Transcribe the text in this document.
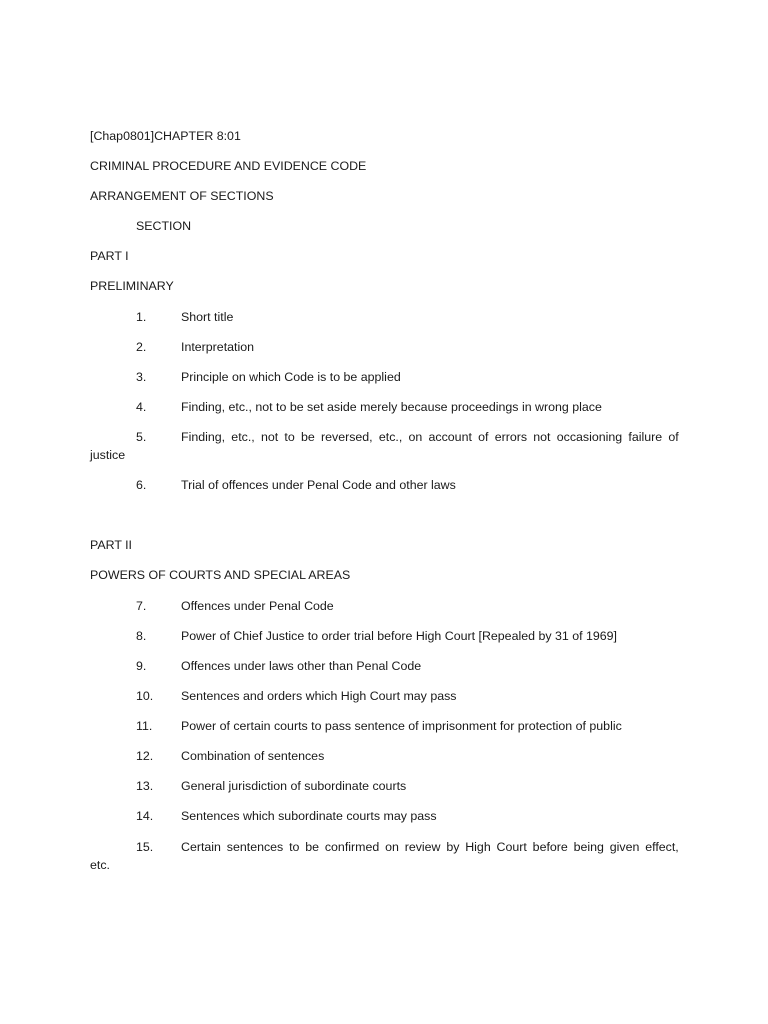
[Chap0801]CHAPTER 8:01
CRIMINAL PROCEDURE AND EVIDENCE CODE
ARRANGEMENT OF SECTIONS
SECTION
PART I
PRELIMINARY
1.	Short title
2.	Interpretation
3.	Principle on which Code is to be applied
4.	Finding, etc., not to be set aside merely because proceedings in wrong place
5.	Finding, etc., not to be reversed, etc., on account of errors not occasioning failure of
justice
6.	Trial of offences under Penal Code and other laws
PART II
POWERS OF COURTS AND SPECIAL AREAS
7.	Offences under Penal Code
8.	Power of Chief Justice to order trial before High Court [Repealed by 31 of 1969]
9.	Offences under laws other than Penal Code
10. Sentences and orders which High Court may pass
11. Power of certain courts to pass sentence of imprisonment for protection of public
12. Combination of sentences
13. General jurisdiction of subordinate courts
14. Sentences which subordinate courts may pass
15. Certain sentences to be confirmed on review by High Court before being given effect,
etc.
